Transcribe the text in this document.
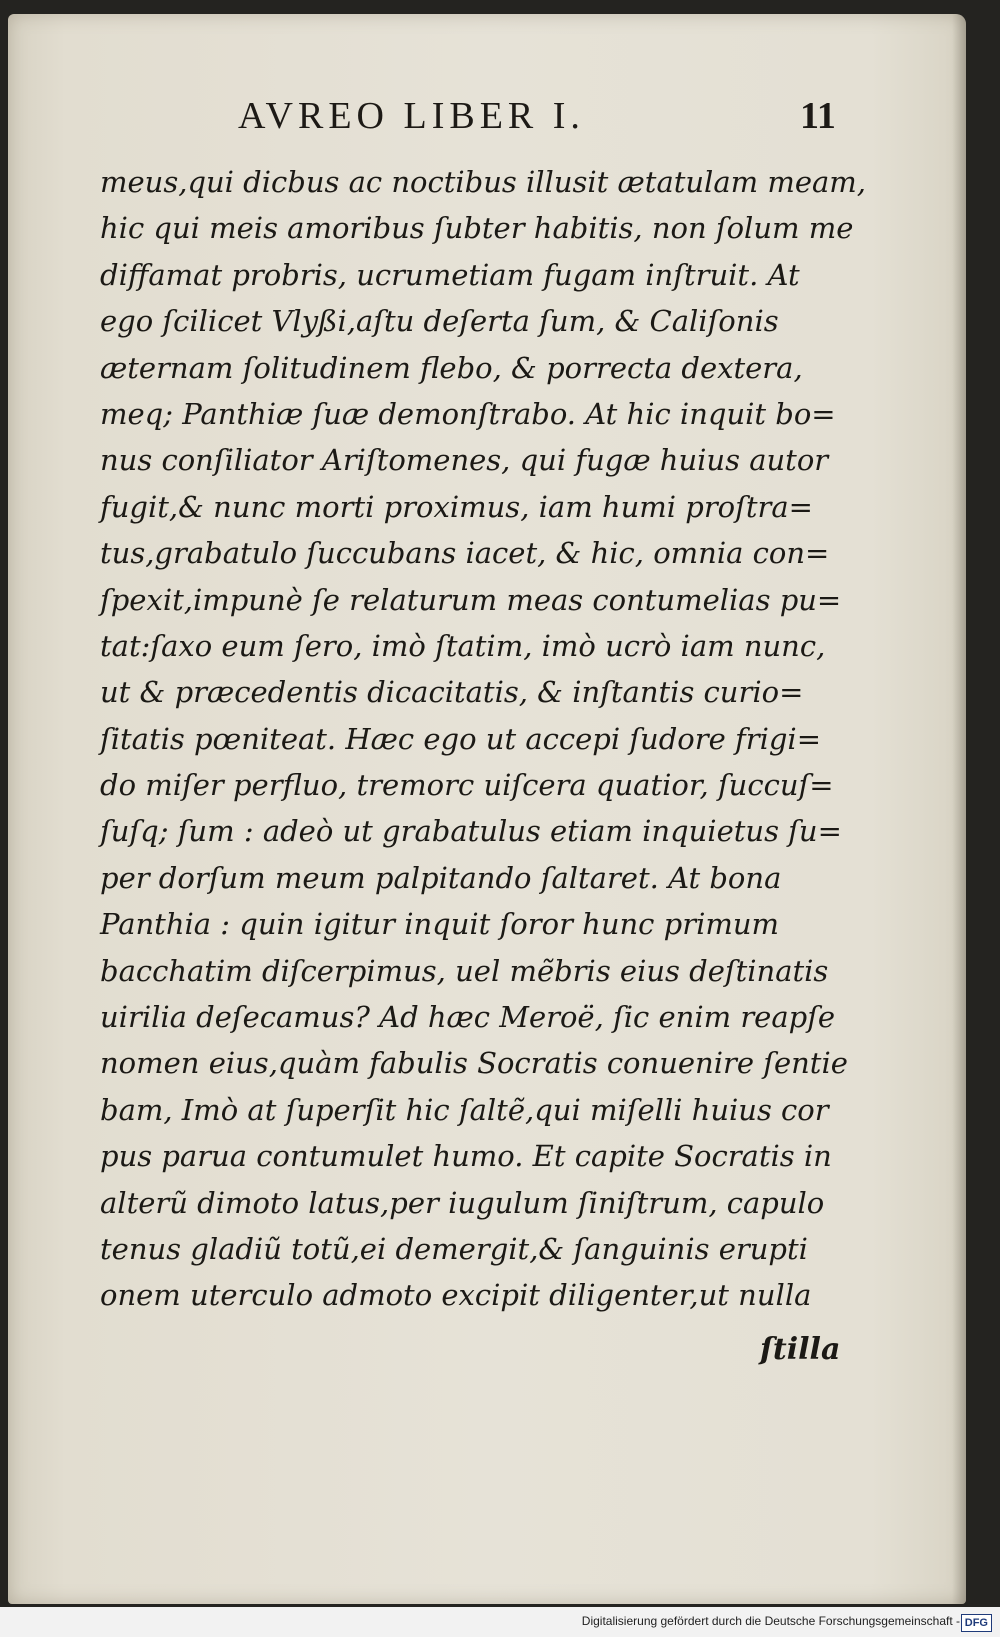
AVREO LIBER I.	11
meus,qui dicbus ac noctibus illusit ætatulam meam,
hic qui meis amoribus ſubter habitis, non ſolum me
diffamat probris, ucrumetiam fugam inſtruit. At
ego ſcilicet Vlyßi,aſtu deſerta ſum, & Caliſonis
æternam ſolitudinem flebo, & porrecta dextera,
meq; Panthiæ ſuæ demonſtrabo. At hic inquit bo=
nus conſiliator Ariſtomenes, qui fugæ huius autor
fugit,& nunc morti proximus, iam humi proſtra=
tus,grabatulo ſuccubans iacet, & hic, omnia con=
ſpexit,impunè ſe relaturum meas contumelias pu=
tat:ſaxo eum ſero, imò ſtatim, imò ucrò iam nunc,
ut & præcedentis dicacitatis, & inſtantis curio=
ſitatis pœniteat. Hæc ego ut accepi ſudore frigi=
do miſer perfluo, tremorc uiſcera quatior, ſuccuſ=
ſuſq; ſum : adeò ut grabatulus etiam inquietus ſu=
per dorſum meum palpitando ſaltaret. At bona
Panthia : quin igitur inquit ſoror hunc primum
bacchatim diſcerpimus, uel mẽbris eius deſtinatis
uirilia deſecamus? Ad hæc Meroë, ſic enim reapſe
nomen eius,quàm fabulis Socratis conuenire ſentie
bam, Imò at ſuperſit hic ſaltẽ,qui miſelli huius cor
pus parua contumulet humo. Et capite Socratis in
alterũ dimoto latus,per iugulum ſiniſtrum, capulo
tenus gladiũ totũ,ei demergit,& ſanguinis erupti
onem uterculo admoto excipit diligenter,ut nulla
ſtilla
Digitalisierung gefördert durch die Deutsche Forschungsgemeinschaft - DFG
